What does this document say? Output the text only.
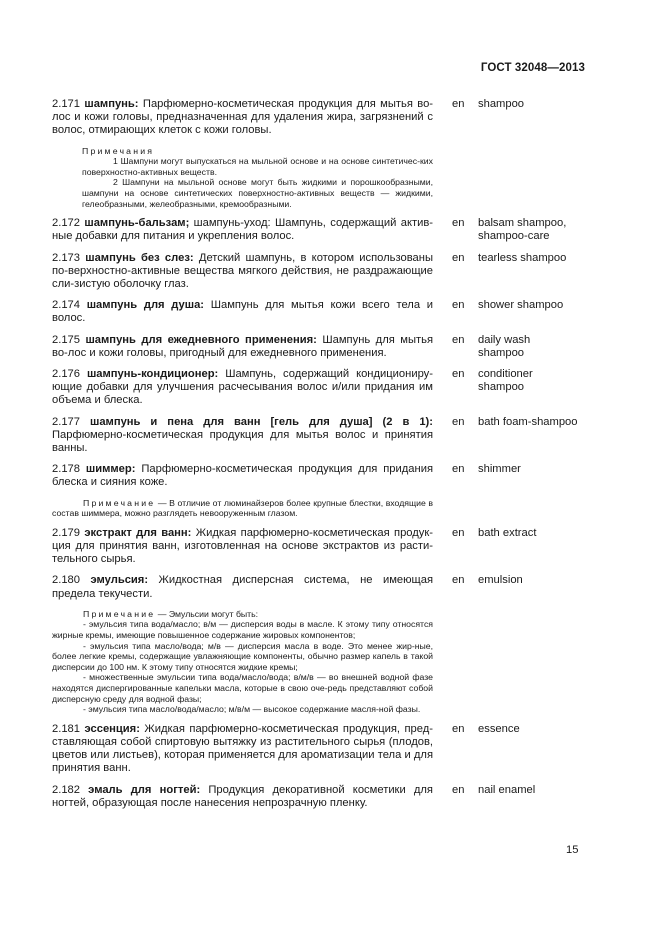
ГОСТ 32048—2013
2.171 шампунь: Парфюмерно-косметическая продукция для мытья во-лос и кожи головы, предназначенная для удаления жира, загрязнений с волос, отмирающих клеток с кожи головы.
en	shampoo
Примечания

1 Шампуни могут выпускаться на мыльной основе и на основе синтетичес-ких поверхностно-активных веществ.

2 Шампуни на мыльной основе могут быть жидкими и порошкообразными, шампуни на основе синтетических поверхностно-активных веществ — жидкими, гелеобразными, желеобразными, кремообразными.

2.172 шампунь-бальзам; шампунь-уход: Шампунь, содержащий актив-ные добавки для питания и укрепления волос.
en	balsam shampoo,
shampoo-care
2.173 шампунь без слез: Детский шампунь, в котором использованы по-верхностно-активные вещества мягкого действия, не раздражающие сли-зистую оболочку глаз.
en	tearless shampoo
2.174 шампунь для душа: Шампунь для мытья кожи всего тела и волос.
en	shower shampoo
2.175 шампунь для ежедневного применения: Шампунь для мытья во-лос и кожи головы, пригодный для ежедневного применения.
en	daily wash
shampoo
2.176 шампунь-кондиционер: Шампунь, содержащий кондициониру-ющие добавки для улучшения расчесывания волос и/или придания им объема и блеска.
en	conditioner
shampoo
2.177 шампунь и пена для ванн [гель для душа] (2 в 1): Парфюмерно-косметическая продукция для мытья волос и принятия ванны.
en	bath foam-shampoo
2.178 шиммер: Парфюмерно-косметическая продукция для придания блеска и сияния коже.
en	shimmer

Примечание — В отличие от люминайзеров более крупные блестки, входящие в состав шиммера, можно разглядеть невооруженным глазом.

2.179 экстракт для ванн: Жидкая парфюмерно-косметическая продук-ция для принятия ванн, изготовленная на основе экстрактов из расти-тельного сырья.
en	bath extract
2.180 эмульсия: Жидкостная дисперсная система, не имеющая предела текучести.
en	emulsion

Примечание — Эмульсии могут быть:

- эмульсия типа вода/масло; в/м — дисперсия воды в масле. К этому типу относятся жирные кремы, имеющие повышенное содержание жировых компонентов;

- эмульсия типа масло/вода; м/в — дисперсия масла в воде. Это менее жир-ные, более легкие кремы, содержащие увлажняющие компоненты, обычно размер капель в такой дисперсии до 100 нм. К этому типу относятся жидкие кремы;

- множественные эмульсии типа вода/масло/вода; в/м/в — во внешней водной фазе находятся диспергированные капельки масла, которые в свою оче-редь представляют собой дисперсную среду для водной фазы;

- эмульсия типа масло/вода/масло; м/в/м — высокое содержание масля-ной фазы.

2.181 эссенция: Жидкая парфюмерно-косметическая продукция, пред-ставляющая собой спиртовую вытяжку из растительного сырья (плодов, цветов или листьев), которая применяется для ароматизации тела и для принятия ванн.
en	essence
2.182 эмаль для ногтей: Продукция декоративной косметики для ногтей, образующая после нанесения непрозрачную пленку.
en	nail enamel
15
